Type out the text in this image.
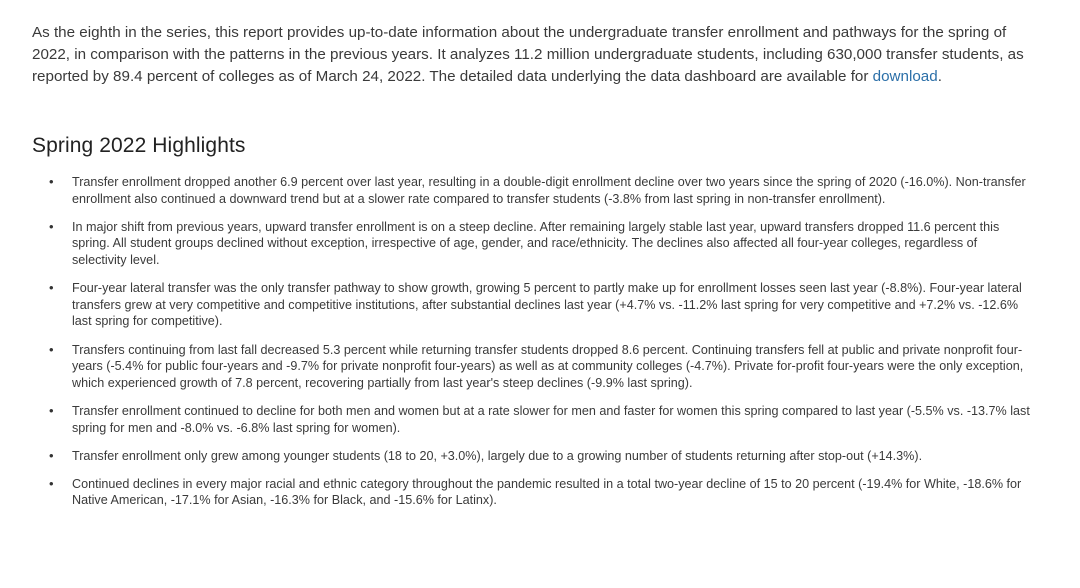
As the eighth in the series, this report provides up-to-date information about the undergraduate transfer enrollment and pathways for the spring of 2022, in comparison with the patterns in the previous years. It analyzes 11.2 million undergraduate students, including 630,000 transfer students, as reported by 89.4 percent of colleges as of March 24, 2022. The detailed data underlying the data dashboard are available for download.

Spring 2022 Highlights
• Transfer enrollment dropped another 6.9 percent over last year, resulting in a double-digit enrollment decline over two years since the spring of 2020 (-16.0%). Non-transfer enrollment also continued a downward trend but at a slower rate compared to transfer students (-3.8% from last spring in non-transfer enrollment).
• In major shift from previous years, upward transfer enrollment is on a steep decline. After remaining largely stable last year, upward transfers dropped 11.6 percent this spring. All student groups declined without exception, irrespective of age, gender, and race/ethnicity. The declines also affected all four-year colleges, regardless of selectivity level.
• Four-year lateral transfer was the only transfer pathway to show growth, growing 5 percent to partly make up for enrollment losses seen last year (-8.8%). Four-year lateral transfers grew at very competitive and competitive institutions, after substantial declines last year (+4.7% vs. -11.2% last spring for very competitive and +7.2% vs. -12.6% last spring for competitive).
• Transfers continuing from last fall decreased 5.3 percent while returning transfer students dropped 8.6 percent. Continuing transfers fell at public and private nonprofit four-years (-5.4% for public four-years and -9.7% for private nonprofit four-years) as well as at community colleges (-4.7%). Private for-profit four-years were the only exception, which experienced growth of 7.8 percent, recovering partially from last year's steep declines (-9.9% last spring).
• Transfer enrollment continued to decline for both men and women but at a rate slower for men and faster for women this spring compared to last year (-5.5% vs. -13.7% last spring for men and -8.0% vs. -6.8% last spring for women).
• Transfer enrollment only grew among younger students (18 to 20, +3.0%), largely due to a growing number of students returning after stop-out (+14.3%).
• Continued declines in every major racial and ethnic category throughout the pandemic resulted in a total two-year decline of 15 to 20 percent (-19.4% for White, -18.6% for Native American, -17.1% for Asian, -16.3% for Black, and -15.6% for Latinx).
